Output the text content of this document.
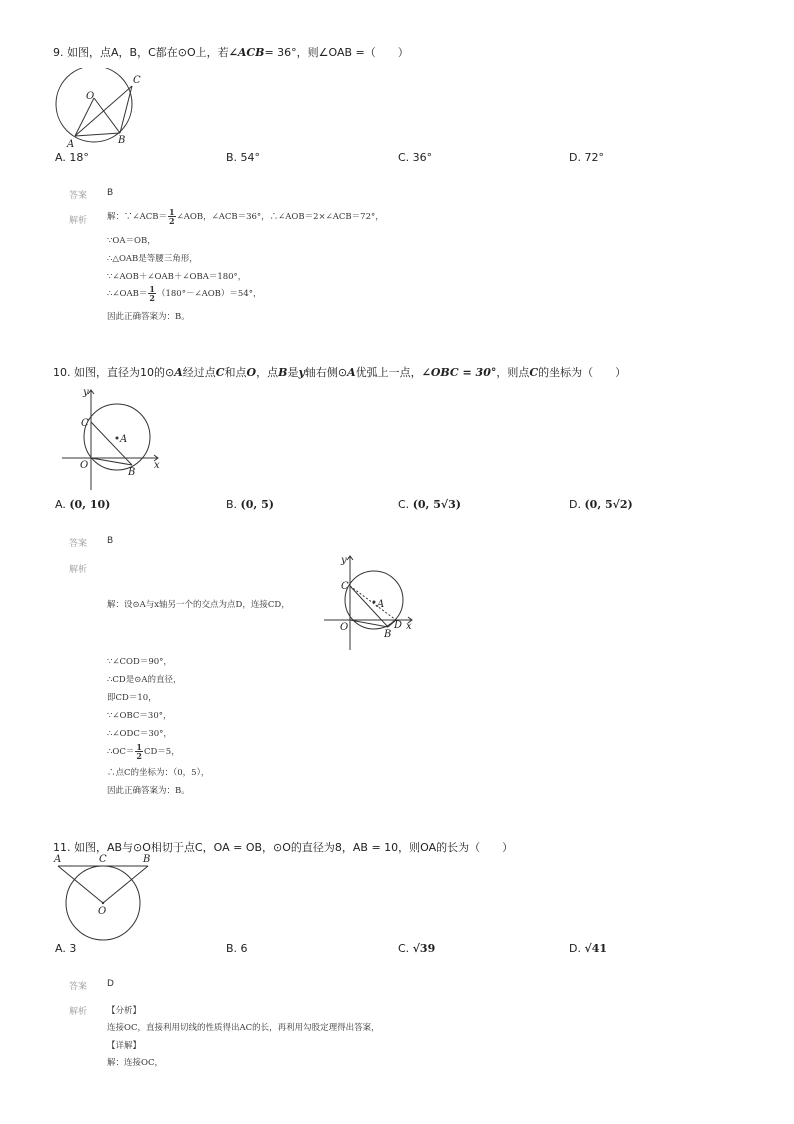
9. 如图，点A，B，C都在⊙O上，若∠ACB= 36°，则∠OAB =（　　）
O
A	B
C
A. 18°	B. 54°	C. 36°	D. 72°
答案 B
解析 解：∵∠ACB＝ $\frac{1}{2}$ ∠AOB，∠ACB＝36°，∴∠AOB＝2×∠ACB＝72°，
∵OA＝OB，
∴△OAB是等腰三角形，
∵∠AOB＋∠OAB＋∠OBA＝180°，
∴∠OAB＝ $\frac{1}{2}$ （180°－∠AOB）＝54°，
因此正确答案为：B。
10. 如图，直径为10的⊙A经过点C和点O，点B是y轴右侧⊙A优弧上一点，∠OBC = 30°，则点C的坐标为（　　）
y
C
A
O
B
x
A. (0, 10)	B. (0, 5)	C. (0, 5√3)	D. (0, 5√2)
答案 B
解析
解：设⊙A与x轴另一个的交点为点D，连接CD，
y
C
A
O	D
B
x
∵∠COD＝90°，
∴CD是⊙A的直径，
即CD＝10，
∵∠OBC＝30°，
∴∠ODC＝30°，
∴OC＝ $\frac{1}{2} CD=5$，
∴点C的坐标为：（0，5），
因此正确答案为：B。
11. 如图，AB与⊙O相切于点C，OA = OB，⊙O的直径为8，AB = 10，则OA的长为（　　）
A	C	B
O
A. 3	B. 6	C. √39	D. √41
答案 D
解析 【分析】
连接OC，直接利用切线的性质得出AC的长，再利用勾股定理得出答案，
【详解】
解：连接OC，
